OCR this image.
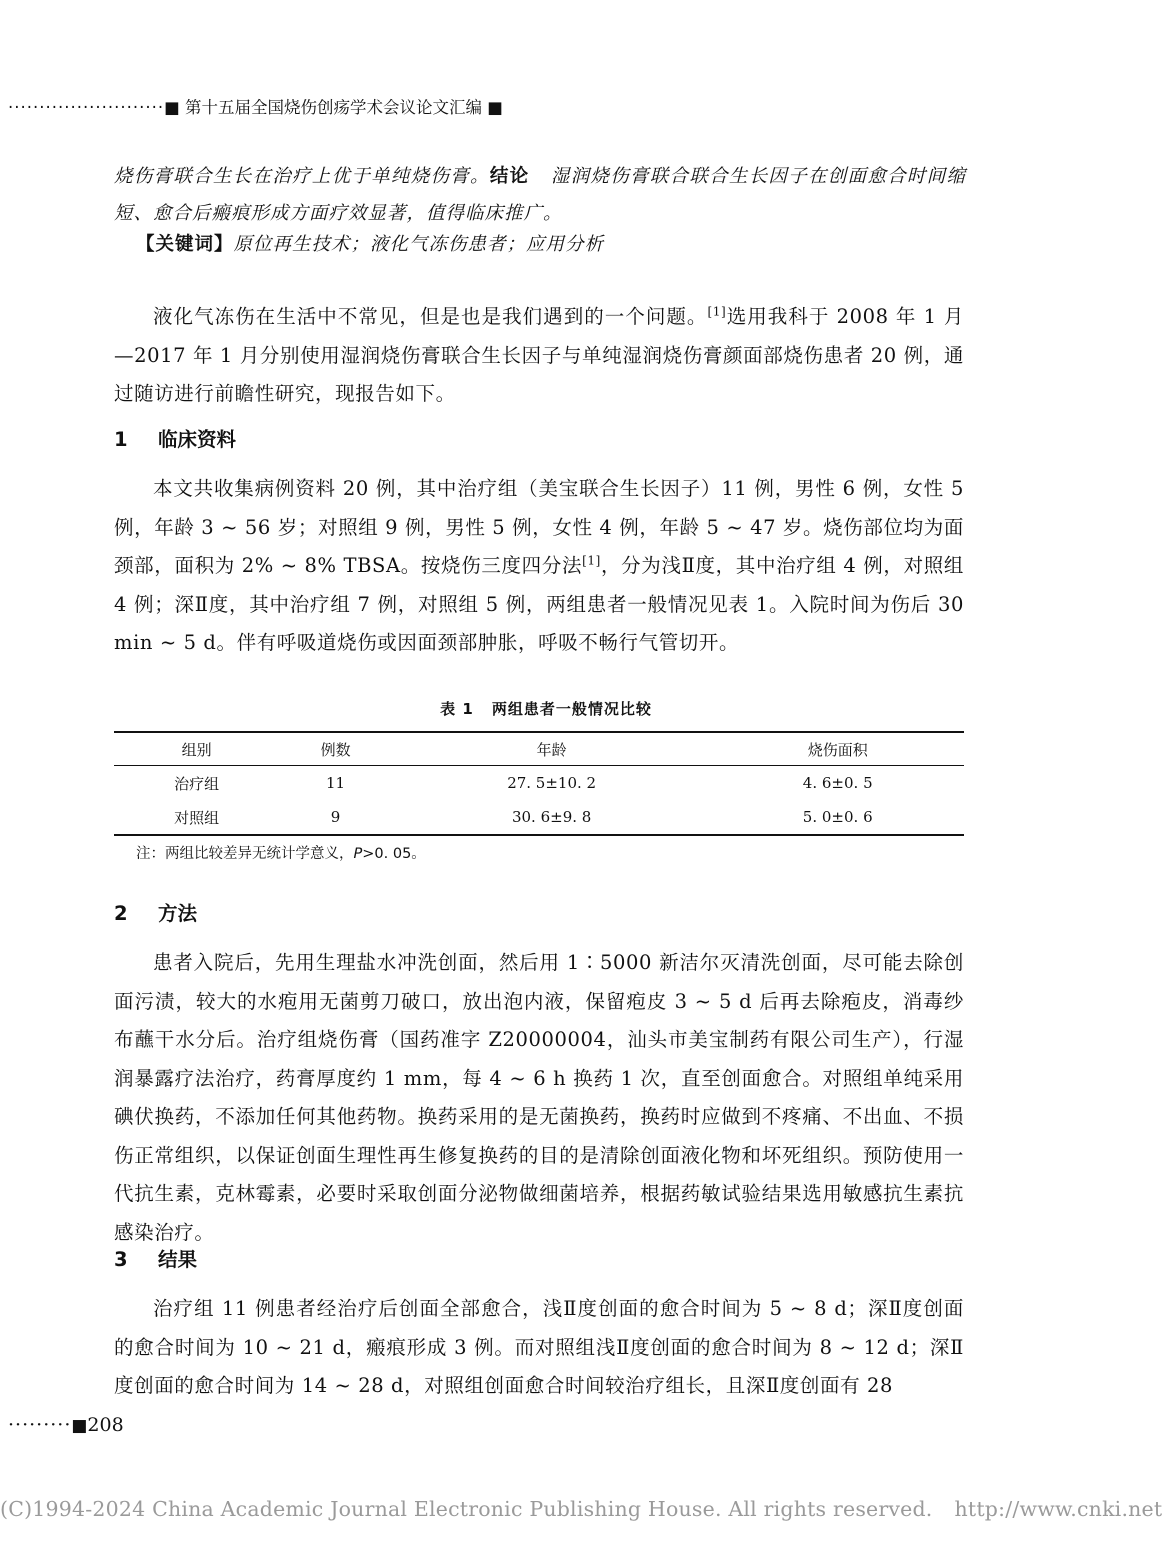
·························■ 第十五届全国烧伤创疡学术会议论文汇编 ■
烧伤膏联合生长在治疗上优于单纯烧伤膏。结论 湿润烧伤膏联合联合生长因子在创面愈合时间缩短、愈合后瘢痕形成方面疗效显著，值得临床推广。
【关键词】原位再生技术；液化气冻伤患者；应用分析
液化气冻伤在生活中不常见，但是也是我们遇到的一个问题。[1]选用我科于 2008 年 1 月—2017 年 1 月分别使用湿润烧伤膏联合生长因子与单纯湿润烧伤膏颜面部烧伤患者 20 例，通过随访进行前瞻性研究，现报告如下。
1 临床资料
本文共收集病例资料 20 例，其中治疗组（美宝联合生长因子）11 例，男性 6 例，女性 5 例，年龄 3 ~ 56 岁；对照组 9 例，男性 5 例，女性 4 例，年龄 5 ~ 47 岁。烧伤部位均为面颈部，面积为 2% ~ 8% TBSA。按烧伤三度四分法[1]，分为浅Ⅱ度，其中治疗组 4 例，对照组 4 例；深Ⅱ度，其中治疗组 7 例，对照组 5 例，两组患者一般情况见表 1。入院时间为伤后 30 min ~ 5 d。伴有呼吸道烧伤或因面颈部肿胀，呼吸不畅行气管切开。
表 1 两组患者一般情况比较
组别	例数	年龄	烧伤面积
治疗组	11	27. 5±10. 2	4. 6±0. 5
对照组	9	30. 6±9. 8	5. 0±0. 6
注：两组比较差异无统计学意义，P>0. 05。
2 方法
患者入院后，先用生理盐水冲洗创面，然后用 1∶5000 新洁尔灭清洗创面，尽可能去除创面污渍，较大的水疱用无菌剪刀破口，放出泡内液，保留疱皮 3 ~ 5 d 后再去除疱皮，消毒纱布蘸干水分后。治疗组烧伤膏（国药准字 Z20000004，汕头市美宝制药有限公司生产），行湿润暴露疗法治疗，药膏厚度约 1 mm，每 4 ~ 6 h 换药 1 次，直至创面愈合。对照组单纯采用碘伏换药，不添加任何其他药物。换药采用的是无菌换药，换药时应做到不疼痛、不出血、不损伤正常组织，以保证创面生理性再生修复换药的目的是清除创面液化物和坏死组织。预防使用一代抗生素，克林霉素，必要时采取创面分泌物做细菌培养，根据药敏试验结果选用敏感抗生素抗感染治疗。
3 结果
治疗组 11 例患者经治疗后创面全部愈合，浅Ⅱ度创面的愈合时间为 5 ~ 8 d；深Ⅱ度创面的愈合时间为 10 ~ 21 d，瘢痕形成 3 例。而对照组浅Ⅱ度创面的愈合时间为 8 ~ 12 d；深Ⅱ度创面的愈合时间为 14 ~ 28 d，对照组创面愈合时间较治疗组长，且深Ⅱ度创面有 28
·········■208
(C)1994-2024 China Academic Journal Electronic Publishing House. All rights reserved. http://www.cnki.net
